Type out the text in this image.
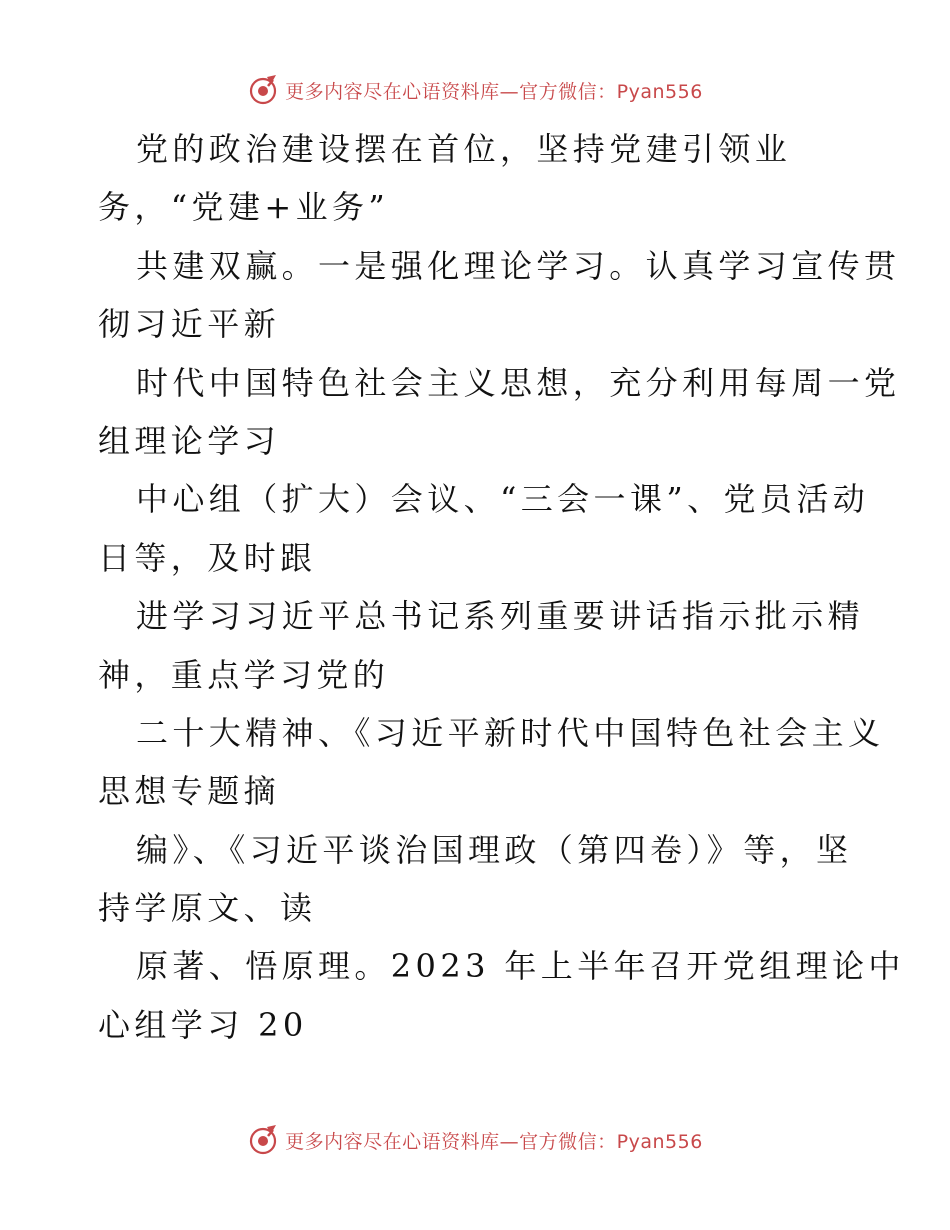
更多内容尽在心语资料库—官方微信：Pyan556
党的政治建设摆在首位，坚持党建引领业
务，“党建+业务”
共建双赢。一是强化理论学习。认真学习宣传贯
彻习近平新
时代中国特色社会主义思想，充分利用每周一党
组理论学习
中心组（扩大）会议、“三会一课”、党员活动
日等，及时跟
进学习习近平总书记系列重要讲话指示批示精
神，重点学习党的
二十大精神、《习近平新时代中国特色社会主义
思想专题摘
编》、《习近平谈治国理政（第四卷）》等，坚
持学原文、读
原著、悟原理。2023 年上半年召开党组理论中
心组学习 20
更多内容尽在心语资料库—官方微信：Pyan556
